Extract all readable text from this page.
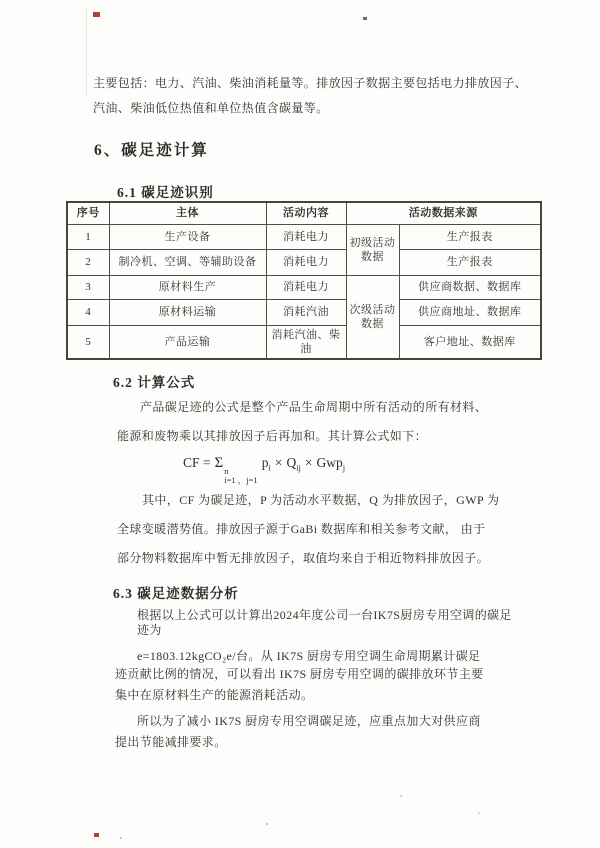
主要包括：电力、汽油、柴油消耗量等。排放因子数据主要包括电力排放因子、
汽油、柴油低位热值和单位热值含碳量等。
6、碳足迹计算
6.1 碳足迹识别
序号	主体	活动内容	活动数据来源	
1	生产设备	消耗电力	初级活动数据	生产报表
2	制冷机、空调、等辅助设备	消耗电力		生产报表
3	原材料生产	消耗电力	次级活动数据	供应商数据、数据库
4	原材料运输	消耗汽油		供应商地址、数据库
5	产品运输	消耗汽油、柴油		客户地址、数据库
6.2 计算公式
产品碳足迹的公式是整个产品生命周期中所有活动的所有材料、
能源和废物乘以其排放因子后再加和。其计算公式如下：
CF = Σ n
i=1 ，j=1
$p_i \times Q_{ij} \times Gwp_j$
其中，CF 为碳足迹，P 为活动水平数据，Q 为排放因子，GWP 为
全球变暖潜势值。排放因子源于GaBi 数据库和相关参考文献， 由于
部分物料数据库中暂无排放因子，取值均来自于相近物料排放因子。
6.3 碳足迹数据分析
根据以上公式可以计算出2024年度公司一台IK7S厨房专用空调的碳足
迹为
e=1803.12kgCO₂e/台。从 IK7S 厨房专用空调生命周期累计碳足
迹贡献比例的情况，可以看出 IK7S 厨房专用空调的碳排放环节主要
集中在原材料生产的能源消耗活动。
所以为了减小 IK7S 厨房专用空调碳足迹，应重点加大对供应商
提出节能减排要求。
